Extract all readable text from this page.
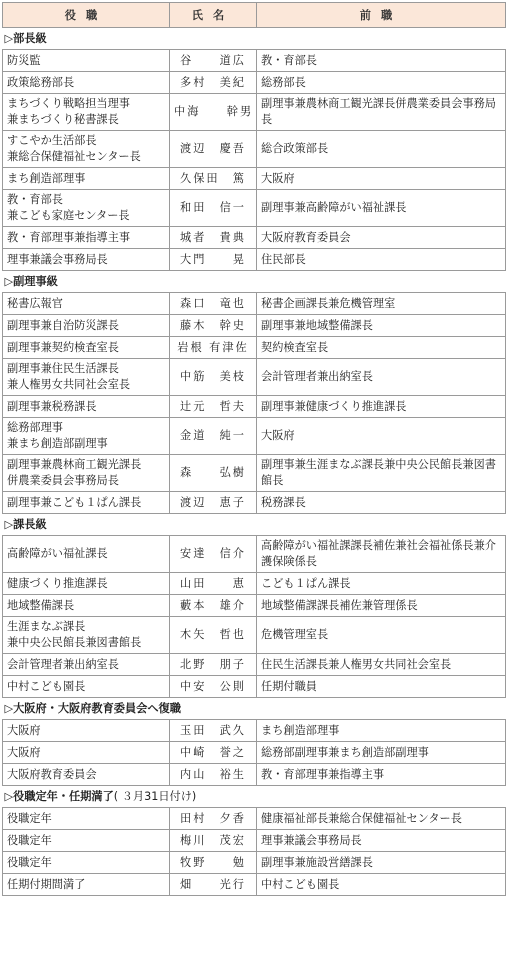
役職	氏名	前職
▷部長級		
防災監	谷　　道広	教・育部長
政策総務部長	多村　美紀	総務部長
まちづくり戦略担当理事
兼まちづくり秘書課長	中海　　幹男	副理事兼農林商工観光課長併農業委員会事務局長
すこやか生活部長
兼総合保健福祉センター長	渡辺　慶吾	総合政策部長
まち創造部理事	久保田　篤	大阪府
教・育部長
兼こども家庭センター長	和田　信一	副理事兼高齢障がい福祉課長
教・育部理事兼指導主事	城者　貴典	大阪府教育委員会
理事兼議会事務局長	大門　　晃	住民部長
▷副理事級		
秘書広報官	森口　竜也	秘書企画課長兼危機管理室
副理事兼自治防災課長	藤木　幹史	副理事兼地域整備課長
副理事兼契約検査室長	岩根 有津佐	契約検査室長
副理事兼住民生活課長
兼人権男女共同社会室長	中筋　美枝	会計管理者兼出納室長
副理事兼税務課長	辻元　哲夫	副理事兼健康づくり推進課長
総務部理事
兼まち創造部副理事	金道　純一	大阪府
副理事兼農林商工観光課長
併農業委員会事務局長	森　　弘樹	副理事兼生涯まなぶ課長兼中央公民館長兼図書館長
副理事兼こども１ぱん課長	渡辺　恵子	税務課長
▷課長級		
高齢障がい福祉課長	安達　信介	高齢障がい福祉課課長補佐兼社会福祉係長兼介護保険係長
健康づくり推進課長	山田　　恵	こども１ぱん課長
地域整備課長	藪本　雄介	地域整備課課長補佐兼管理係長
生涯まなぶ課長
兼中央公民館長兼図書館長	木矢　哲也	危機管理室長
会計管理者兼出納室長	北野　朋子	住民生活課長兼人権男女共同社会室長
中村こども園長	中安　公則	任期付職員
▷大阪府・大阪府教育委員会へ復職		
大阪府	玉田　武久	まち創造部理事
大阪府	中崎　誉之	総務部副理事兼まち創造部副理事
大阪府教育委員会	内山　裕生	教・育部理事兼指導主事
▷役職定年・任期満了( ３月31日付け)		
役職定年	田村　夕香	健康福祉部長兼総合保健福祉センター長
役職定年	梅川　茂宏	理事兼議会事務局長
役職定年	牧野　　勉	副理事兼施設営繕課長
任期付期間満了	畑　　光行	中村こども園長
